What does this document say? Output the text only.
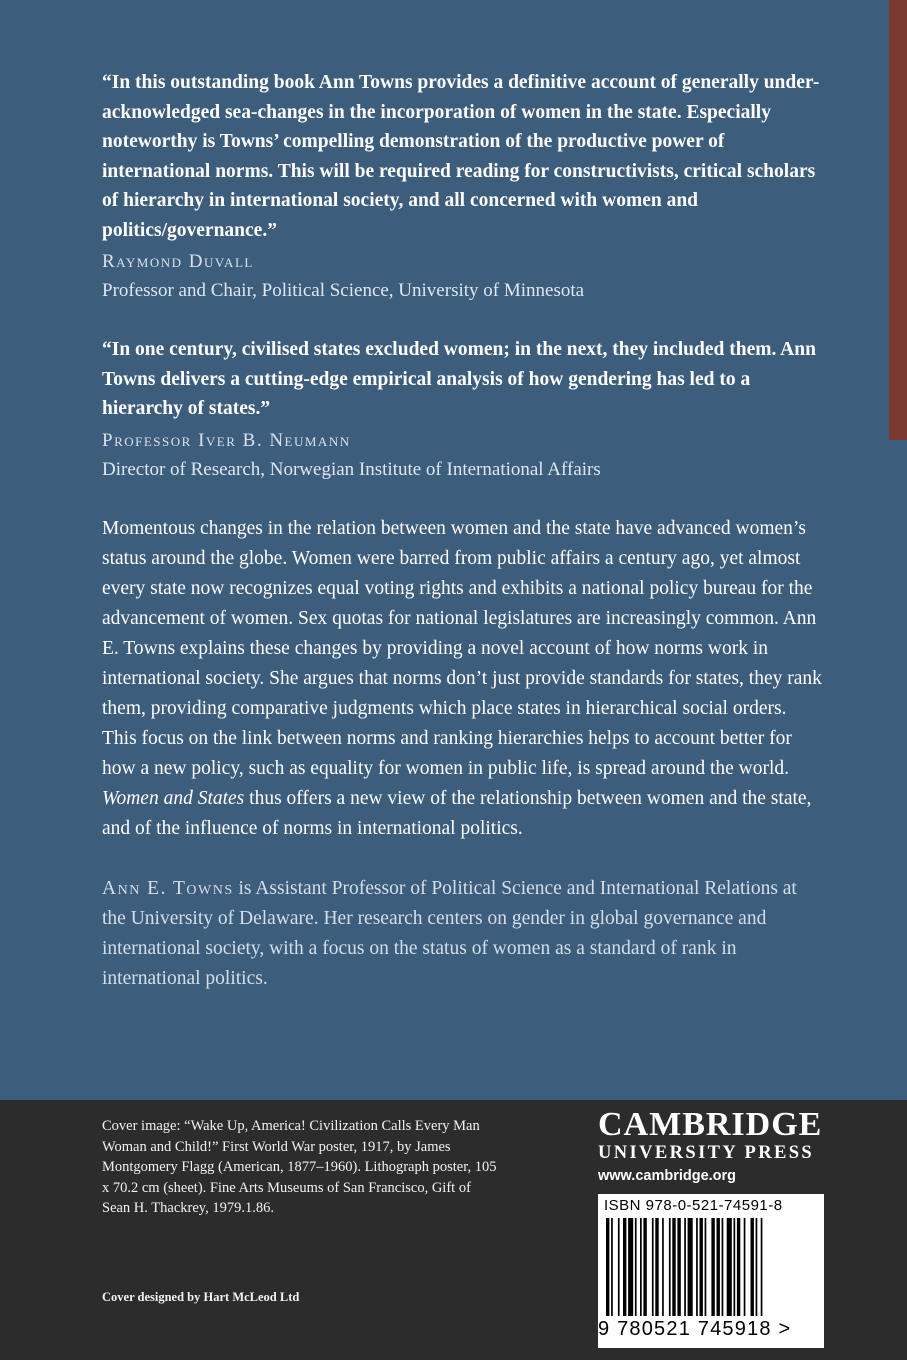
“In this outstanding book Ann Towns provides a definitive account of generally under-acknowledged sea-changes in the incorporation of women in the state. Especially noteworthy is Towns’ compelling demonstration of the productive power of international norms. This will be required reading for constructivists, critical scholars of hierarchy in international society, and all concerned with women and politics/governance.”

Raymond Duvall
Professor and Chair, Political Science, University of Minnesota

“In one century, civilised states excluded women; in the next, they included them. Ann Towns delivers a cutting-edge empirical analysis of how gendering has led to a hierarchy of states.”

Professor Iver B. Neumann
Director of Research, Norwegian Institute of International Affairs
Momentous changes in the relation between women and the state have advanced women’s status around the globe. Women were barred from public affairs a century ago, yet almost every state now recognizes equal voting rights and exhibits a national policy bureau for the advancement of women. Sex quotas for national legislatures are increasingly common. Ann E. Towns explains these changes by providing a novel account of how norms work in international society. She argues that norms don’t just provide standards for states, they rank them, providing comparative judgments which place states in hierarchical social orders. This focus on the link between norms and ranking hierarchies helps to account better for how a new policy, such as equality for women in public life, is spread around the world. Women and States thus offers a new view of the relationship between women and the state, and of the influence of norms in international politics.
Ann E. Towns is Assistant Professor of Political Science and International Relations at the University of Delaware. Her research centers on gender in global governance and international society, with a focus on the status of women as a standard of rank in international politics.
Cover image: “Wake Up, America! Civilization Calls Every Man Woman and Child!” First World War poster, 1917, by James Montgomery Flagg (American, 1877–1960). Lithograph poster, 105 x 70.2 cm (sheet). Fine Arts Museums of San Francisco, Gift of Sean H. Thackrey, 1979.1.86.
Cover designed by Hart McLeod Ltd
CAMBRIDGE
UNIVERSITY PRESS
www.cambridge.org
ISBN 978-0-521-74591-8
9 780521 745918 >
